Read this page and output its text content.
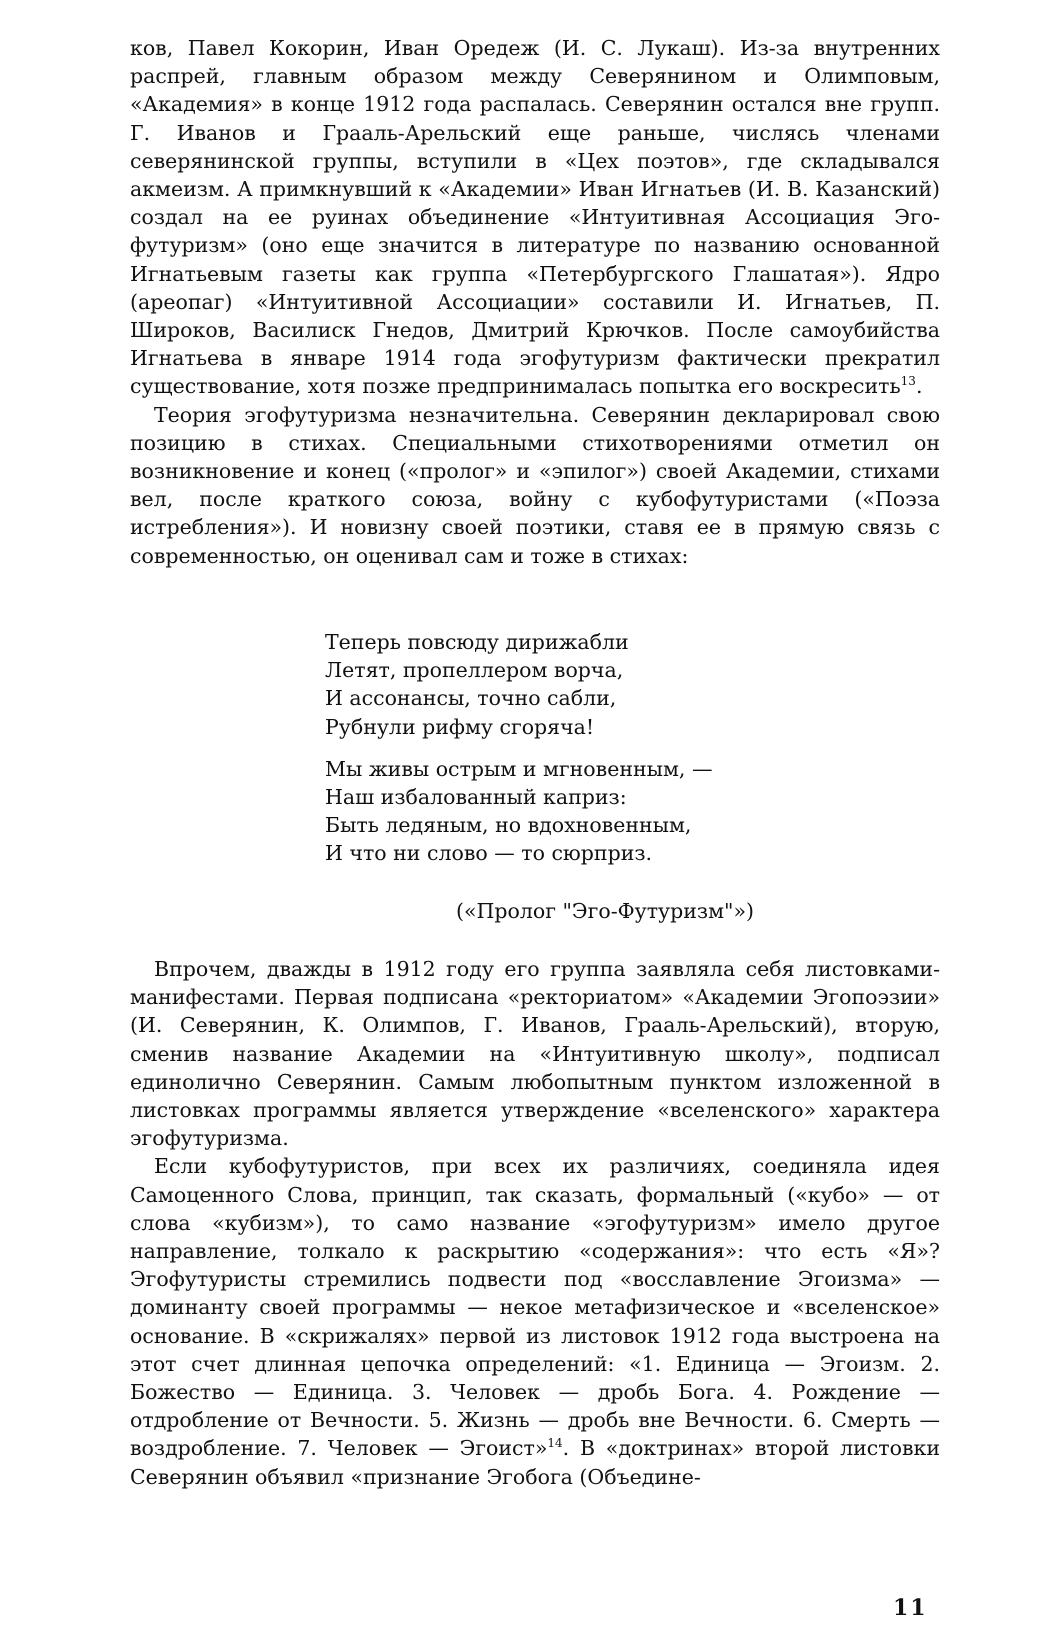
ков, Павел Кокорин, Иван Оредеж (И. С. Лукаш). Из-за внутренних распрей, главным образом между Северянином и Олимповым, «Академия» в конце 1912 года распалась. Северянин остался вне групп. Г. Иванов и Грааль-Арельский еще раньше, числясь членами северянинской группы, вступили в «Цех поэтов», где складывался акмеизм. А примкнувший к «Академии» Иван Игнатьев (И. В. Казанский) создал на ее руинах объединение «Интуитивная Ассоциация Эго-футуризм» (оно еще значится в литературе по названию основанной Игнатьевым газеты как группа «Петербургского Глашатая»). Ядро (ареопаг) «Интуитивной Ассоциации» составили И. Игнатьев, П. Широков, Василиск Гнедов, Дмитрий Крючков. После самоубийства Игнатьева в январе 1914 года эгофутуризм фактически прекратил существование, хотя позже предпринималась попытка его воскресить$^{13}$.

Теория эгофутуризма незначительна. Северянин декларировал свою позицию в стихах. Специальными стихотворениями отметил он возникновение и конец («пролог» и «эпилог») своей Академии, стихами вел, после краткого союза, войну с кубофутуристами («Поэза истребления»). И новизну своей поэтики, ставя ее в прямую связь с современностью, он оценивал сам и тоже в стихах:

Теперь повсюду дирижабли
Летят, пропеллером ворча,
И ассонансы, точно сабли,
Рубнули рифму сгоряча!
Мы живы острым и мгновенным, —
Наш избалованный каприз:
Быть ледяным, но вдохновенным,
И что ни слово — то сюрприз.
(«Пролог "Эго-Футуризм"»)

Впрочем, дважды в 1912 году его группа заявляла себя листовками-манифестами. Первая подписана «ректориатом» «Академии Эгопоэзии» (И. Северянин, К. Олимпов, Г. Иванов, Грааль-Арельский), вторую, сменив название Академии на «Интуитивную школу», подписал единолично Северянин. Самым любопытным пунктом изложенной в листовках программы является утверждение «вселенского» характера эгофутуризма.

Если кубофутуристов, при всех их различиях, соединяла идея Самоценного Слова, принцип, так сказать, формальный («кубо» — от слова «кубизм»), то само название «эгофутуризм» имело другое направление, толкало к раскрытию «содержания»: что есть «Я»? Эгофутуристы стремились подвести под «восславление Эгоизма» — доминанту своей программы — некое метафизическое и «вселенское» основание. В «скрижалях» первой из листовок 1912 года выстроена на этот счет длинная цепочка определений: «1. Единица — Эгоизм. 2. Божество — Единица. 3. Человек — дробь Бога. 4. Рождение — отдробление от Вечности. 5. Жизнь — дробь вне Вечности. 6. Смерть — воздробление. 7. Человек — Эгоист»$^{14}$. В «доктринах» второй листовки Северянин объявил «признание Эгобога (Объедине-

11
